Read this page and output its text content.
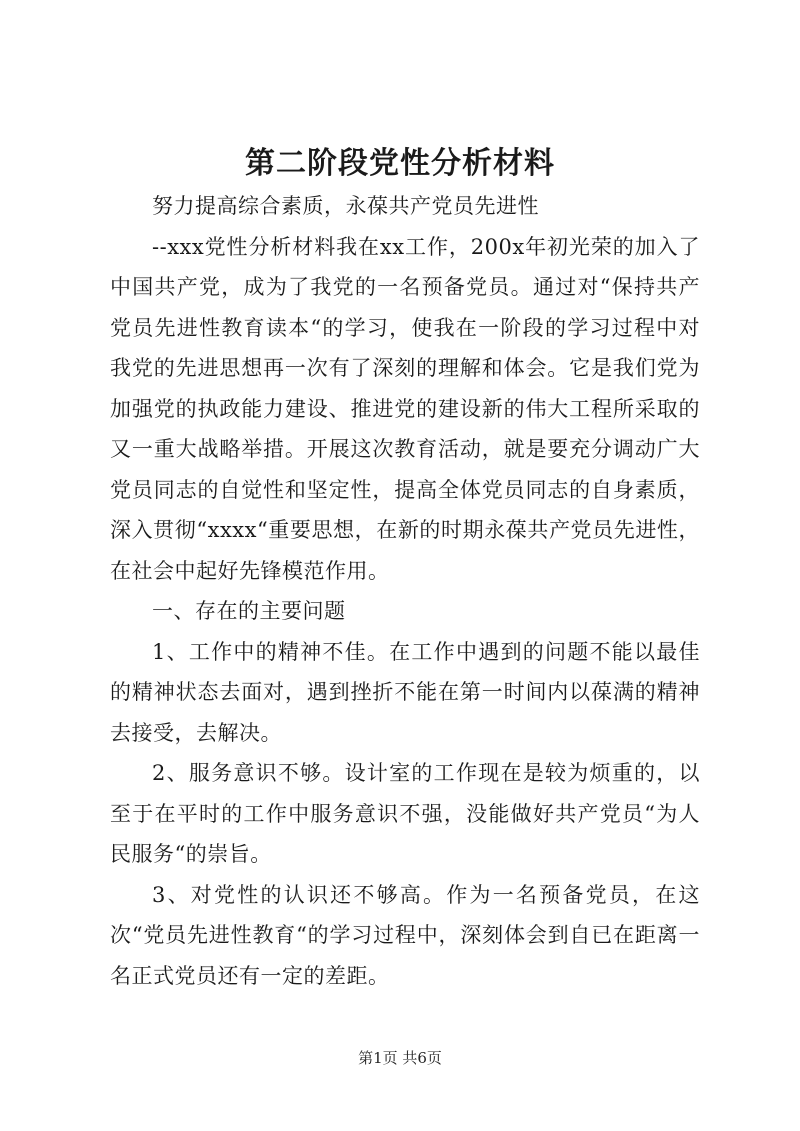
第二阶段党性分析材料

努力提高综合素质，永葆共产党员先进性

--xxx党性分析材料我在xx工作，200x年初光荣的加入了中国共产党，成为了我党的一名预备党员。通过对“保持共产党员先进性教育读本“的学习，使我在一阶段的学习过程中对我党的先进思想再一次有了深刻的理解和体会。它是我们党为加强党的执政能力建设、推进党的建设新的伟大工程所采取的又一重大战略举措。开展这次教育活动，就是要充分调动广大党员同志的自觉性和坚定性，提高全体党员同志的自身素质，深入贯彻“xxxx“重要思想，在新的时期永葆共产党员先进性，在社会中起好先锋模范作用。

一、存在的主要问题

1、工作中的精神不佳。在工作中遇到的问题不能以最佳的精神状态去面对，遇到挫折不能在第一时间内以葆满的精神去接受，去解决。

2、服务意识不够。设计室的工作现在是较为烦重的，以至于在平时的工作中服务意识不强，没能做好共产党员“为人民服务“的崇旨。

3、对党性的认识还不够高。作为一名预备党员，在这次“党员先进性教育“的学习过程中，深刻体会到自已在距离一名正式党员还有一定的差距。

第1页 共6页
